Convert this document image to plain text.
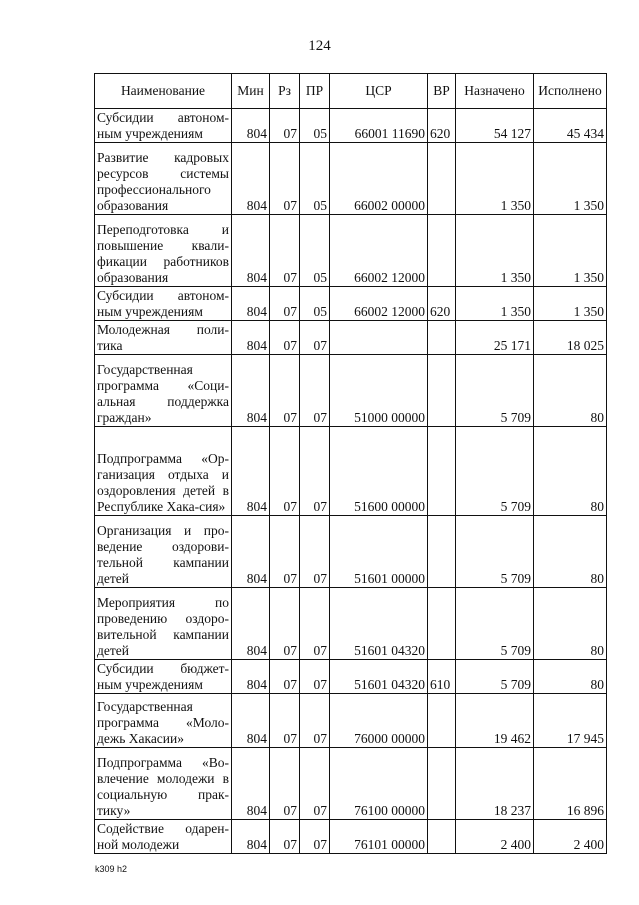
124
Наименование	Мин	Рз	ПР	ЦСР	ВР	Назначено	Исполнено
Субсидии автоном-ным учреждениям	804	07	05	66001 11690	620	54 127	45 434
Развитие кадровых ресурсов системы профессионального образования	804	07	05	66002 00000		1 350	1 350
Переподготовка и повышение квали-фикации работников образования	804	07	05	66002 12000		1 350	1 350
Субсидии автоном-ным учреждениям	804	07	05	66002 12000	620	1 350	1 350
Молодежная поли-тика	804	07	07			25 171	18 025
Государственная программа «Соци-альная поддержка граждан»	804	07	07	51000 00000		5 709	80
Подпрограмма «Ор-ганизация отдыха и оздоровления детей в Республике Хака-сия»	804	07	07	51600 00000		5 709	80
Организация и про-ведение оздорови-тельной кампании детей	804	07	07	51601 00000		5 709	80
Мероприятия по проведению оздоро-вительной кампании детей	804	07	07	51601 04320		5 709	80
Субсидии бюджет-ным учреждениям	804	07	07	51601 04320	610	5 709	80
Государственная программа «Моло-дежь Хакасии»	804	07	07	76000 00000		19 462	17 945
Подпрограмма «Во-влечение молодежи в социальную прак-тику»	804	07	07	76100 00000		18 237	16 896
Содействие одарен-ной молодежи	804	07	07	76101 00000		2 400	2 400
k309 h2
